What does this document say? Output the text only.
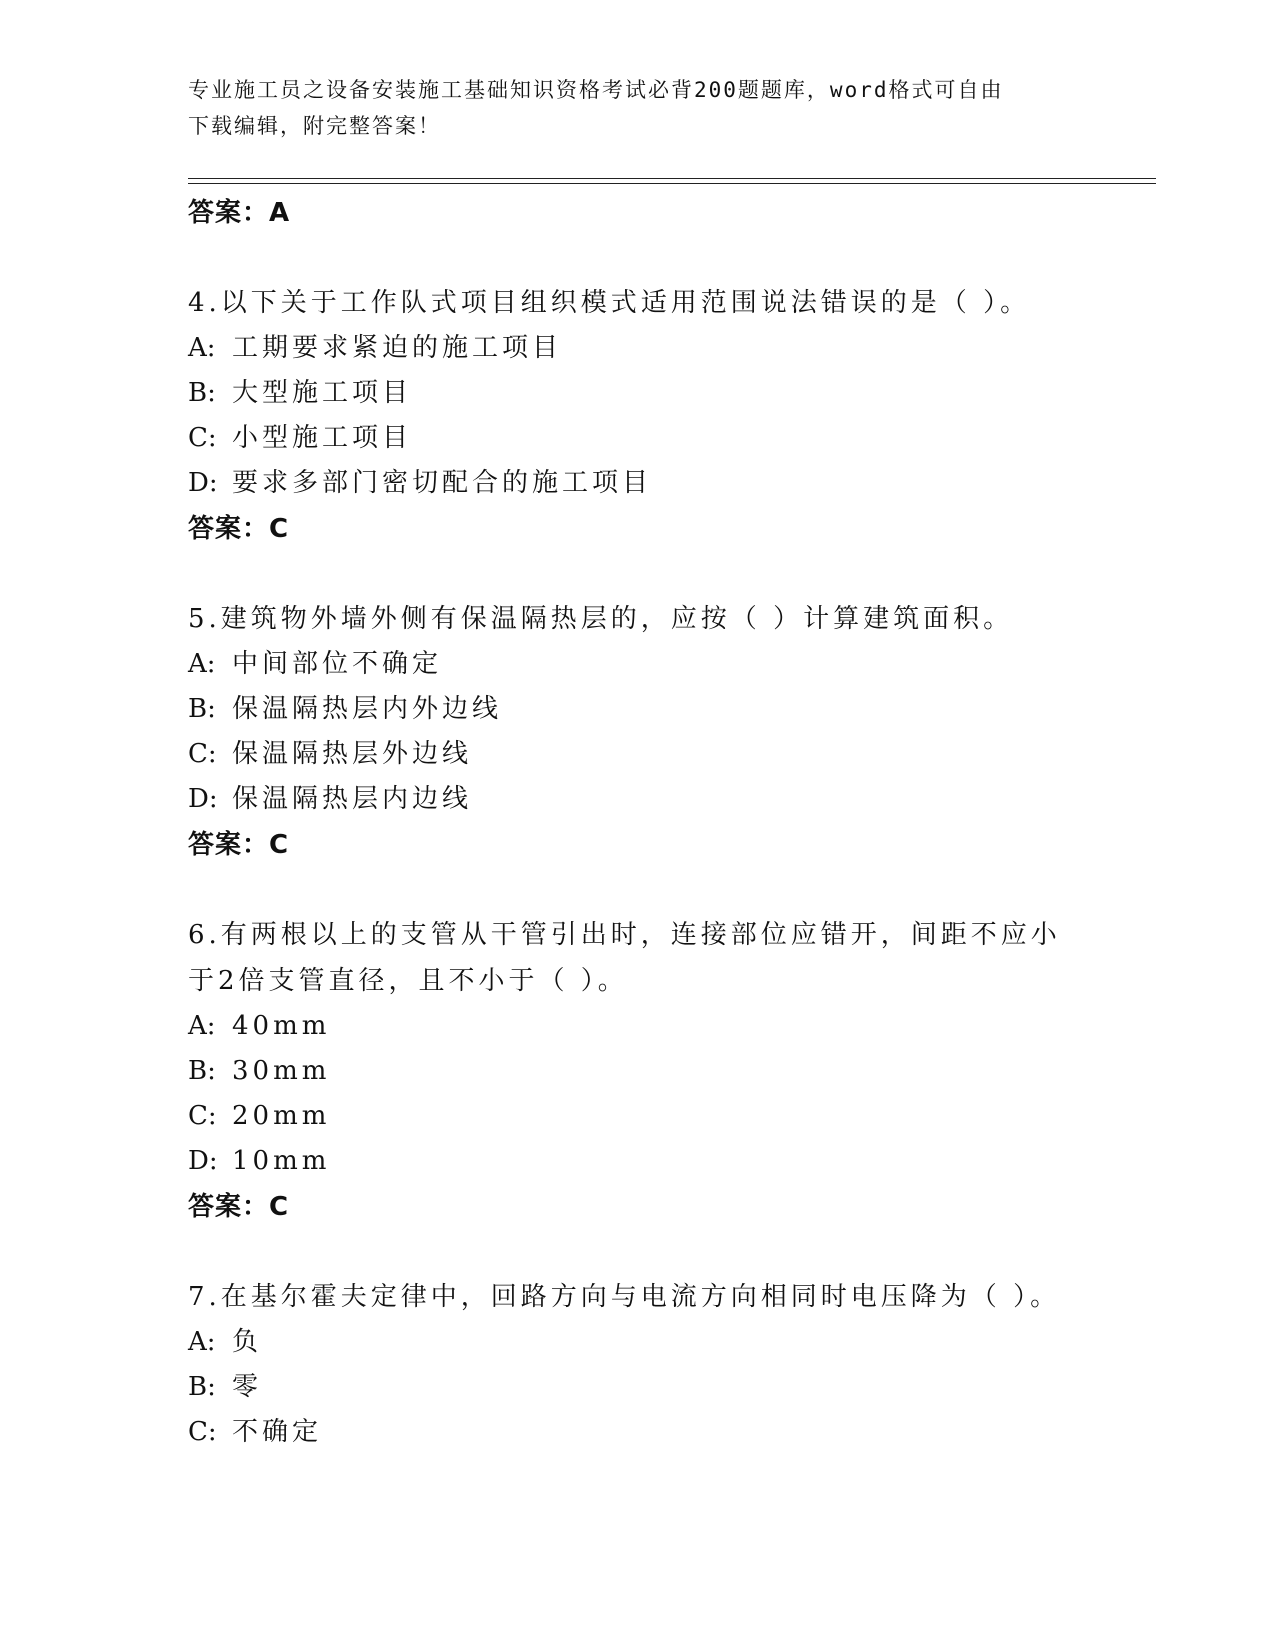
专业施工员之设备安装施工基础知识资格考试必背200题题库，word格式可自由
下载编辑，附完整答案！
答案：A
4.以下关于工作队式项目组织模式适用范围说法错误的是（ ）。
A: 工期要求紧迫的施工项目
B: 大型施工项目
C: 小型施工项目
D: 要求多部门密切配合的施工项目
答案：C
5.建筑物外墙外侧有保温隔热层的，应按（ ）计算建筑面积。
A: 中间部位不确定
B: 保温隔热层内外边线
C: 保温隔热层外边线
D: 保温隔热层内边线
答案：C
6.有两根以上的支管从干管引出时，连接部位应错开，间距不应小于2倍支管直径，且不小于（ ）。
A: 40mm
B: 30mm
C: 20mm
D: 10mm
答案：C
7.在基尔霍夫定律中，回路方向与电流方向相同时电压降为（ ）。
A: 负
B: 零
C: 不确定
